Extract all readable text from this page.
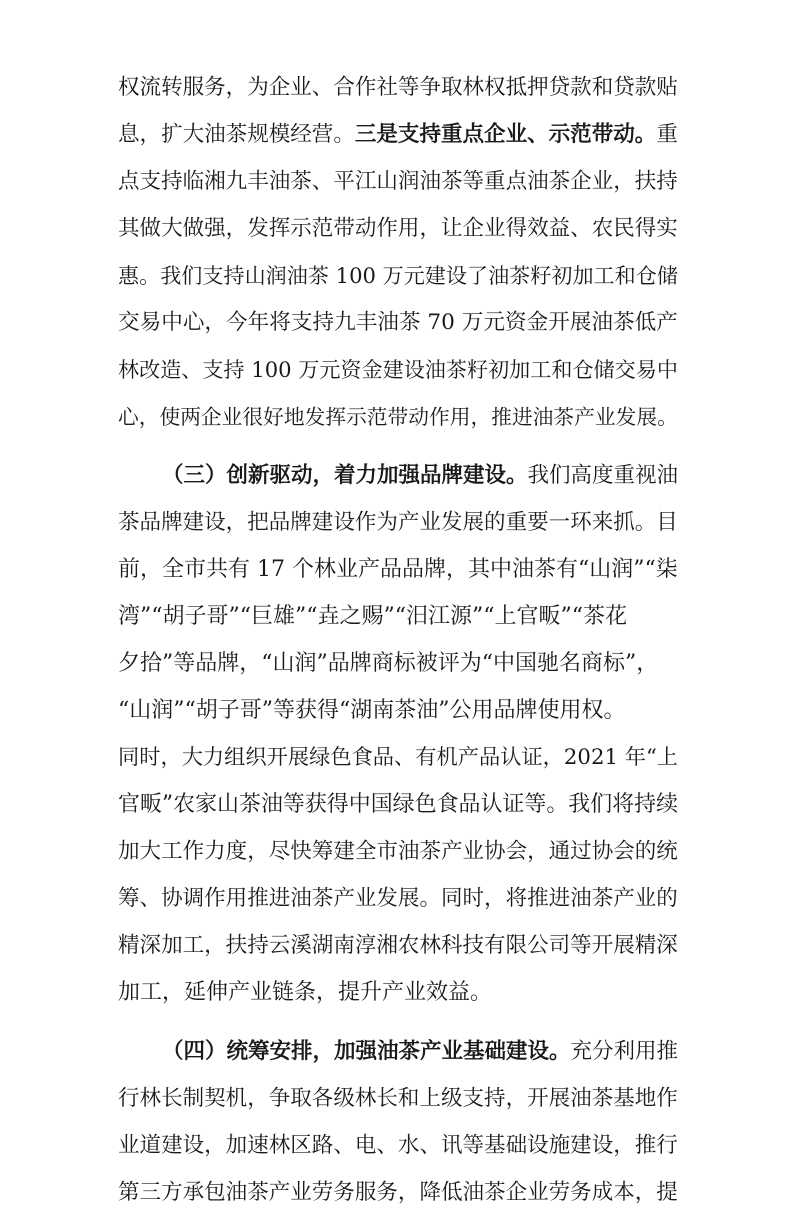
权流转服务，为企业、合作社等争取林权抵押贷款和贷款贴
息，扩大油茶规模经营。三是支持重点企业、示范带动。重
点支持临湘九丰油茶、平江山润油茶等重点油茶企业，扶持
其做大做强，发挥示范带动作用，让企业得效益、农民得实
惠。我们支持山润油茶 100 万元建设了油茶籽初加工和仓储
交易中心，今年将支持九丰油茶 70 万元资金开展油茶低产
林改造、支持 100 万元资金建设油茶籽初加工和仓储交易中
心，使两企业很好地发挥示范带动作用，推进油茶产业发展。
（三）创新驱动，着力加强品牌建设。我们高度重视油
茶品牌建设，把品牌建设作为产业发展的重要一环来抓。目
前，全市共有 17 个林业产品品牌，其中油茶有“山润”“柒
湾”“胡子哥”“巨雄”“垚之赐”“汨江源”“上官畈”“茶花
夕拾”等品牌，“山润”品牌商标被评为“中国驰名商标”，
“山润”“胡子哥”等获得“湖南茶油”公用品牌使用权。
同时，大力组织开展绿色食品、有机产品认证，2021 年“上
官畈”农家山茶油等获得中国绿色食品认证等。我们将持续
加大工作力度，尽快筹建全市油茶产业协会，通过协会的统
筹、协调作用推进油茶产业发展。同时，将推进油茶产业的
精深加工，扶持云溪湖南淳湘农林科技有限公司等开展精深
加工，延伸产业链条，提升产业效益。
（四）统筹安排，加强油茶产业基础建设。充分利用推
行林长制契机，争取各级林长和上级支持，开展油茶基地作
业道建设，加速林区路、电、水、讯等基础设施建设，推行
第三方承包油茶产业劳务服务，降低油茶企业劳务成本，提
